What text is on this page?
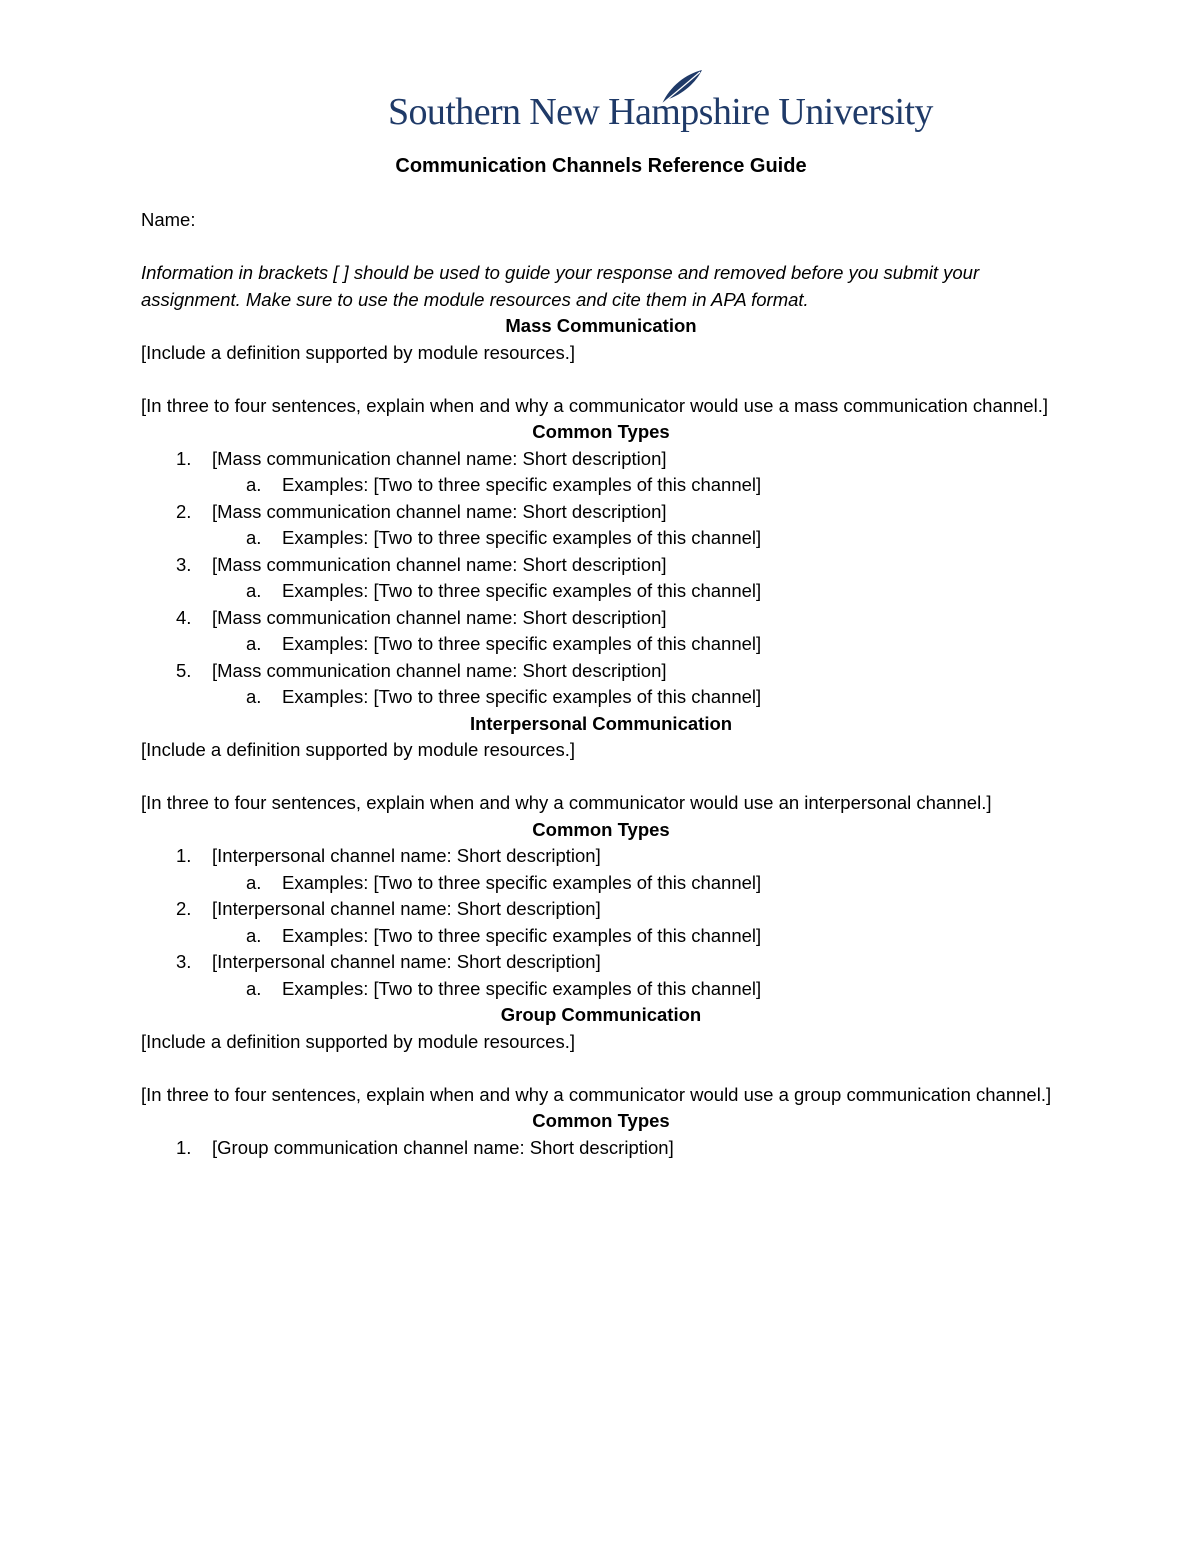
Southern New Hampshire University

Communication Channels Reference Guide

Name:

Information in brackets [ ] should be used to guide your response and removed before you submit your assignment. Make sure to use the module resources and cite them in APA format.

Mass Communication

[Include a definition supported by module resources.]

[In three to four sentences, explain when and why a communicator would use a mass communication channel.]

Common Types

1. [Mass communication channel name: Short description]
a. Examples: [Two to three specific examples of this channel]
2. [Mass communication channel name: Short description]
a. Examples: [Two to three specific examples of this channel]
3. [Mass communication channel name: Short description]
a. Examples: [Two to three specific examples of this channel]
4. [Mass communication channel name: Short description]
a. Examples: [Two to three specific examples of this channel]
5. [Mass communication channel name: Short description]
a. Examples: [Two to three specific examples of this channel]

Interpersonal Communication

[Include a definition supported by module resources.]

[In three to four sentences, explain when and why a communicator would use an interpersonal channel.]

Common Types

1. [Interpersonal channel name: Short description]
a. Examples: [Two to three specific examples of this channel]
2. [Interpersonal channel name: Short description]
a. Examples: [Two to three specific examples of this channel]
3. [Interpersonal channel name: Short description]
a. Examples: [Two to three specific examples of this channel]

Group Communication

[Include a definition supported by module resources.]

[In three to four sentences, explain when and why a communicator would use a group communication channel.]

Common Types

1. [Group communication channel name: Short description]
